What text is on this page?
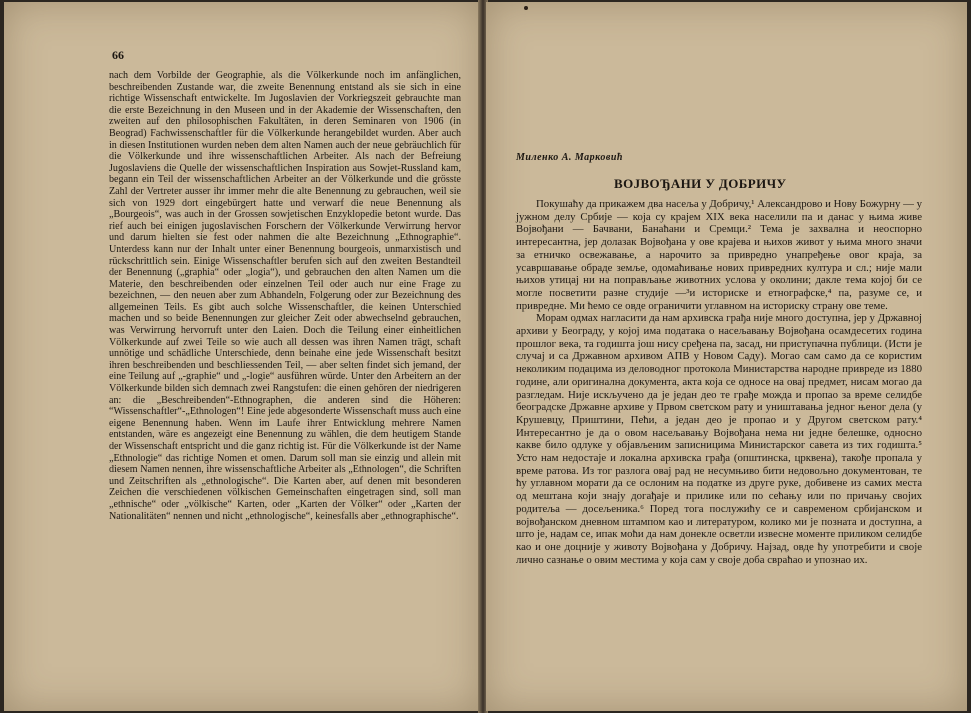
66
nach dem Vorbilde der Geographie, als die Völkerkunde noch im anfänglichen, beschreibenden Zustande war, die zweite Benennung entstand als sie sich in eine richtige Wissenschaft entwickelte. Im Jugoslavien der Vorkriegszeit gebrauchte man die erste Bezeichnung in den Museen und in der Akademie der Wissenschaften, den zweiten auf den philosophischen Fakultäten, in deren Seminaren von 1906 (in Beograd) Fachwissenschaftler für die Völkerkunde herangebildet wurden. Aber auch in diesen Institutionen wurden neben dem alten Namen auch der neue gebräuchlich für die Völkerkunde und ihre wissenschaftlichen Arbeiter. Als nach der Befreiung Jugoslaviens die Quelle der wissenschaftlichen Inspiration aus Sowjet-Russland kam, begann ein Teil der wissenschaftlichen Arbeiter an der Völkerkunde und die grösste Zahl der Vertreter ausser ihr immer mehr die alte Benennung zu gebrauchen, weil sie sich von 1929 dort eingebürgert hatte und verwarf die neue Benennung als „Bourgeois“, was auch in der Grossen sowjetischen Enzyklopedie betont wurde. Das rief auch bei einigen jugoslavischen Forschern der Völkerkunde Verwirrung hervor und darum hielten sie fest oder nahmen die alte Bezeichnung „Ethnographie“. Unterdess kann nur der Inhalt unter einer Benennung bourgeois, unmarxistisch und rückschrittlich sein. Einige Wissenschaftler berufen sich auf den zweiten Bestandteil der Benennung („graphia“ oder „logia“), und gebrauchen den alten Namen um die Materie, den beschreibenden oder einzelnen Teil oder auch nur eine Frage zu bezeichnen, — den neuen aber zum Abhandeln, Folgerung oder zur Bezeichnung des allgemeinen Teils. Es gibt auch solche Wissenschaftler, die keinen Unterschied machen und so beide Benennungen zur gleicher Zeit oder abwechselnd gebrauchen, was Verwirrung hervorruft unter den Laien. Doch die Teilung einer einheitlichen Völkerkunde auf zwei Teile so wie auch all dessen was ihren Namen trägt, schaft unnötige und schädliche Unterschiede, denn beinahe eine jede Wissenschaft besitzt ihren beschreibenden und beschliessenden Teil, — aber selten findet sich jemand, der eine Teilung auf „-graphie“ und „-logie“ ausführen würde. Unter den Arbeitern an der Völkerkunde bilden sich demnach zwei Rangstufen: die einen gehören der niedrigeren an: die „Beschreibenden“-Ethnographen, die anderen sind die Höheren: “Wissenschaftler“-„Ethnologen“! Eine jede abgesonderte Wissenschaft muss auch eine eigene Benennung haben. Wenn im Laufe ihrer Entwicklung mehrere Namen entstanden, wäre es angezeigt eine Benennung zu wählen, die dem heutigem Stande der Wissenschaft entspricht und die ganz richtig ist. Für die Völkerkunde ist der Name „Ethnologie“ das richtige Nomen et omen. Darum soll man sie einzig und allein mit diesem Namen nennen, ihre wissenschaftliche Arbeiter als „Ethnologen“, die Schriften und Zeitschriften als „ethnologische“. Die Karten aber, auf denen mit besonderen Zeichen die verschiedenen völkischen Gemeinschaften eingetragen sind, soll man „ethnische“ oder „völkische“ Karten, oder „Karten der Völker“ oder „Karten der Nationalitäten“ nennen und nicht „ethnologische“, keinesfalls aber „ethnographische“.
Миленко А. Марковић
ВОЈВОЂАНИ У ДОБРИЧУ

Покушаћу да прикажем два насеља у Добричу,¹ Александрово и Нову Божурну — у јужном делу Србије — која су крајем XIX века населили па и данас у њима живе Војвођани — Бачвани, Банаћани и Сремци.² Тема је захвална и неоспорно интересантна, јер долазак Војвођана у ове крајева и њихов живот у њима много значи за етничко освежавање, а нарочито за привредно унапређење овог краја, за усавршавање обраде земље, одомаћивање нових привредних култура и сл.; није мали њихов утицај ни на поправљање животних услова у околини; дакле тема којој би се могле посветити разне студије —³и историске и етнографске,⁴ па, разуме се, и привредне. Ми ћемо се овде ограничити углавном на историску страну ове теме.

Морам одмах нагласити да нам архивска грађа није много доступна, јер у Државној архиви у Београду, у којој има података о насељавању Војвођана осамдесетих година прошлог века, та годишта још нису сређена па, засад, ни приступачна публици. (Исти је случај и са Државном архивом АПВ у Новом Саду). Могао сам само да се користим неколиким подацима из деловодног протокола Министарства народне привреде из 1880 године, али оригинална документа, акта која се односе на овај предмет, нисам могао да разгледам. Није искључено да је један део те грађе можда и пропао за време селидбе београдске Државне архиве у Првом светском рату и уништавања једног њеног дела (у Крушевцу, Приштини, Пећи, а један део је пропао и у Другом светском рату.⁴ Интересантно је да о овом насељавању Војвођана нема ни једне белешке, односно какве било одлуке у објављеним записницима Министарског савета из тих годишта.⁵ Усто нам недостаје и локална архивска грађа (општинска, црквена), такође пропала у време ратова. Из тог разлога овај рад не несумњиво бити недовољно документован, те ћу углавном морати да се ослоним на податке из друге руке, добивене из самих места од мештана који знају догађаје и прилике или по сећању или по причању својих родитеља — досељеника.⁶ Поред тога послужићу се и савременом србијанском и војвођанском дневном штампом као и литературом, колико ми је позната и доступна, а што је, надам се, ипак моћи да нам донекле осветли извесне моменте приликом селидбе као и оне доцније у животу Војвођана у Добричу. Најзад, овде ћу употребити и своје лично сазнање о овим местима у која сам у своје доба свраћао и упознао их.
